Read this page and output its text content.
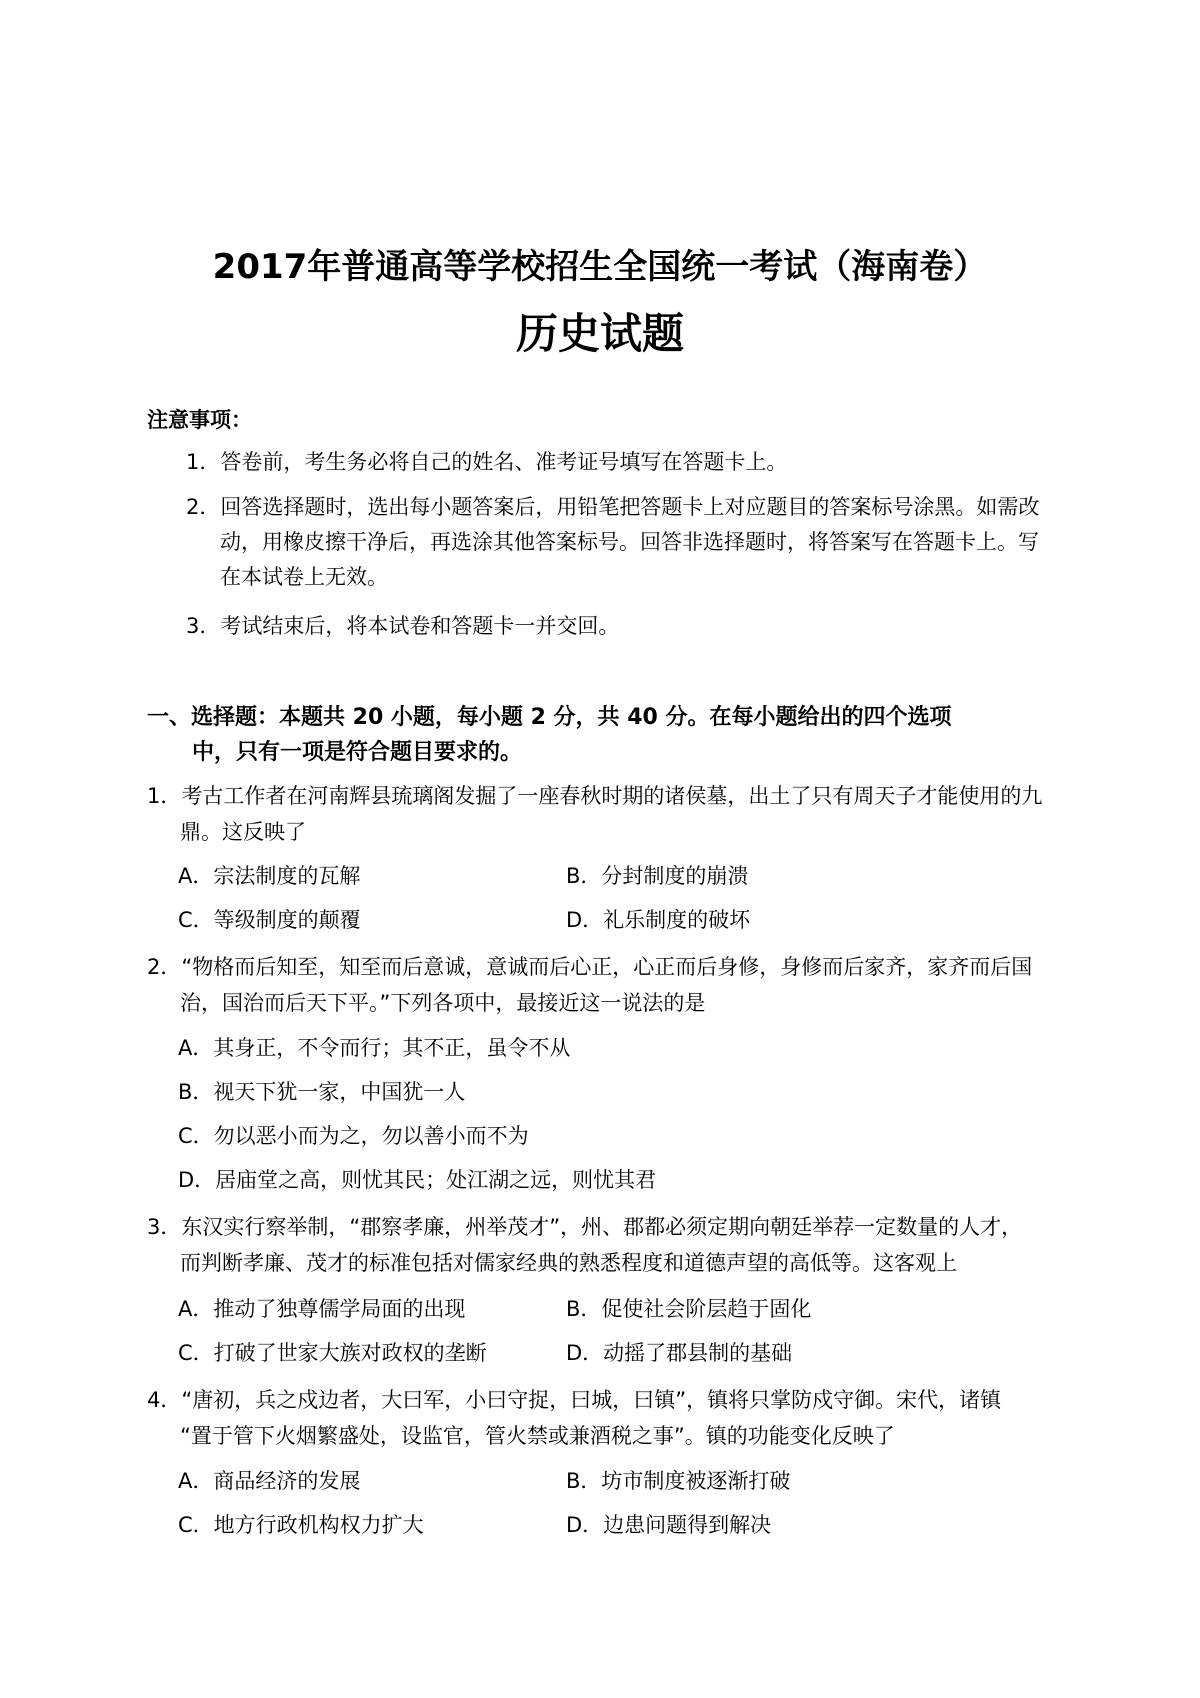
2017年普通高等学校招生全国统一考试（海南卷）
历史试题
注意事项：
1．答卷前，考生务必将自己的姓名、准考证号填写在答题卡上。
2．回答选择题时，选出每小题答案后，用铅笔把答题卡上对应题目的答案标号涂黑。如需改
动，用橡皮擦干净后，再选涂其他答案标号。回答非选择题时，将答案写在答题卡上。写
在本试卷上无效。
3．考试结束后，将本试卷和答题卡一并交回。
一、选择题：本题共 20 小题，每小题 2 分，共 40 分。在每小题给出的四个选项
中，只有一项是符合题目要求的。
1．考古工作者在河南辉县琉璃阁发掘了一座春秋时期的诸侯墓，出土了只有周天子才能使用的九
鼎。这反映了
A．宗法制度的瓦解	B．分封制度的崩溃
C．等级制度的颠覆	D．礼乐制度的破坏
2．“物格而后知至，知至而后意诚，意诚而后心正，心正而后身修，身修而后家齐，家齐而后国
治，国治而后天下平。”下列各项中，最接近这一说法的是
A．其身正，不令而行；其不正，虽令不从
B．视天下犹一家，中国犹一人
C．勿以恶小而为之，勿以善小而不为
D．居庙堂之高，则忧其民；处江湖之远，则忧其君
3．东汉实行察举制，“郡察孝廉，州举茂才”，州、郡都必须定期向朝廷举荐一定数量的人才，
而判断孝廉、茂才的标准包括对儒家经典的熟悉程度和道德声望的高低等。这客观上
A．推动了独尊儒学局面的出现	B．促使社会阶层趋于固化
C．打破了世家大族对政权的垄断	D．动摇了郡县制的基础
4．“唐初，兵之戍边者，大曰军，小曰守捉，曰城，曰镇”，镇将只掌防戍守御。宋代，诸镇
“置于管下火烟繁盛处，设监官，管火禁或兼酒税之事”。镇的功能变化反映了
A．商品经济的发展	B．坊市制度被逐渐打破
C．地方行政机构权力扩大	D．边患问题得到解决
